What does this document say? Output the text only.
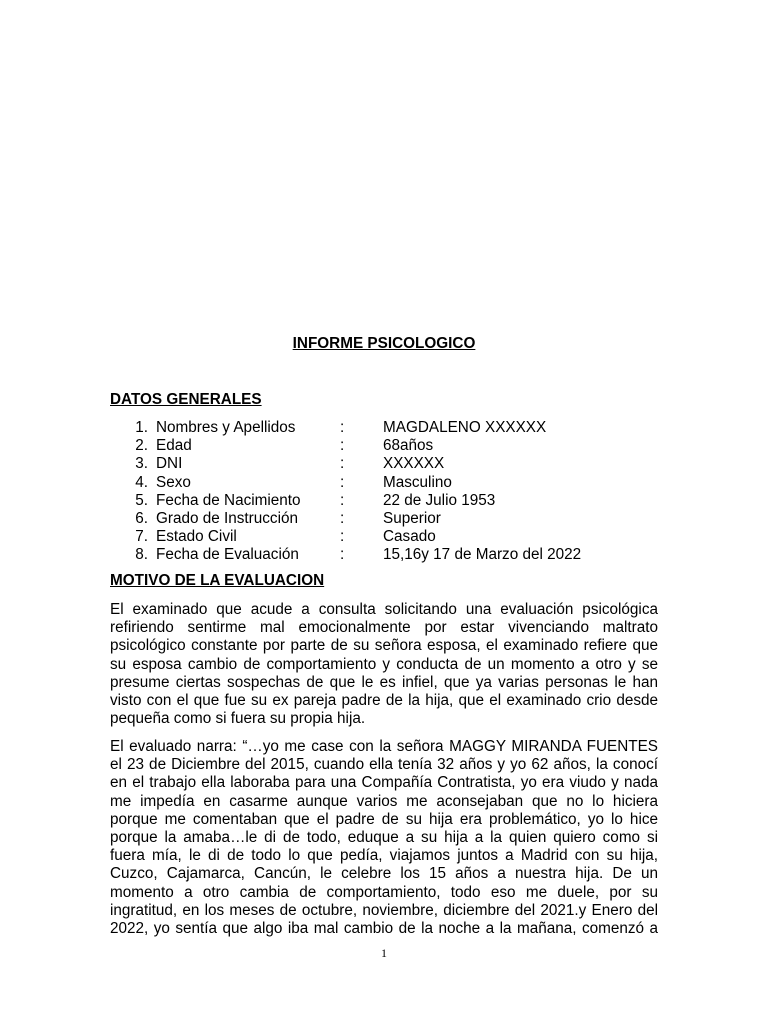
INFORME PSICOLOGICO
DATOS GENERALES
1. Nombres y Apellidos	:	MAGDALENO XXXXXX
2. Edad	:	68años
3. DNI	:	XXXXXX
4. Sexo	:	Masculino
5. Fecha de Nacimiento	:	22 de Julio 1953
6. Grado de Instrucción	:	Superior
7. Estado Civil	:	Casado
8. Fecha de Evaluación	:	15,16y 17 de Marzo del 2022
MOTIVO DE LA EVALUACION

El examinado que acude a consulta solicitando una evaluación psicológica
refiriendo sentirme mal emocionalmente por estar vivenciando maltrato
psicológico constante por parte de su señora esposa, el examinado refiere que
su esposa cambio de comportamiento y conducta de un momento a otro y se
presume ciertas sospechas de que le es infiel, que ya varias personas le han
visto con el que fue su ex pareja padre de la hija, que el examinado crio desde
pequeña como si fuera su propia hija.

El evaluado narra: “…yo me case con la señora MAGGY MIRANDA FUENTES
el 23 de Diciembre del 2015, cuando ella tenía 32 años y yo 62 años, la conocí
en el trabajo ella laboraba para una Compañía Contratista, yo era viudo y nada
me impedía en casarme aunque varios me aconsejaban que no lo hiciera
porque me comentaban que el padre de su hija era problemático, yo lo hice
porque la amaba…le di de todo, eduque a su hija a la quien quiero como si
fuera mía, le di de todo lo que pedía, viajamos juntos a Madrid con su hija,
Cuzco, Cajamarca, Cancún, le celebre los 15 años a nuestra hija. De un
momento a otro cambia de comportamiento, todo eso me duele, por su
ingratitud, en los meses de octubre, noviembre, diciembre del 2021.y Enero del
2022, yo sentía que algo iba mal cambio de la noche a la mañana, comenzó a

1
